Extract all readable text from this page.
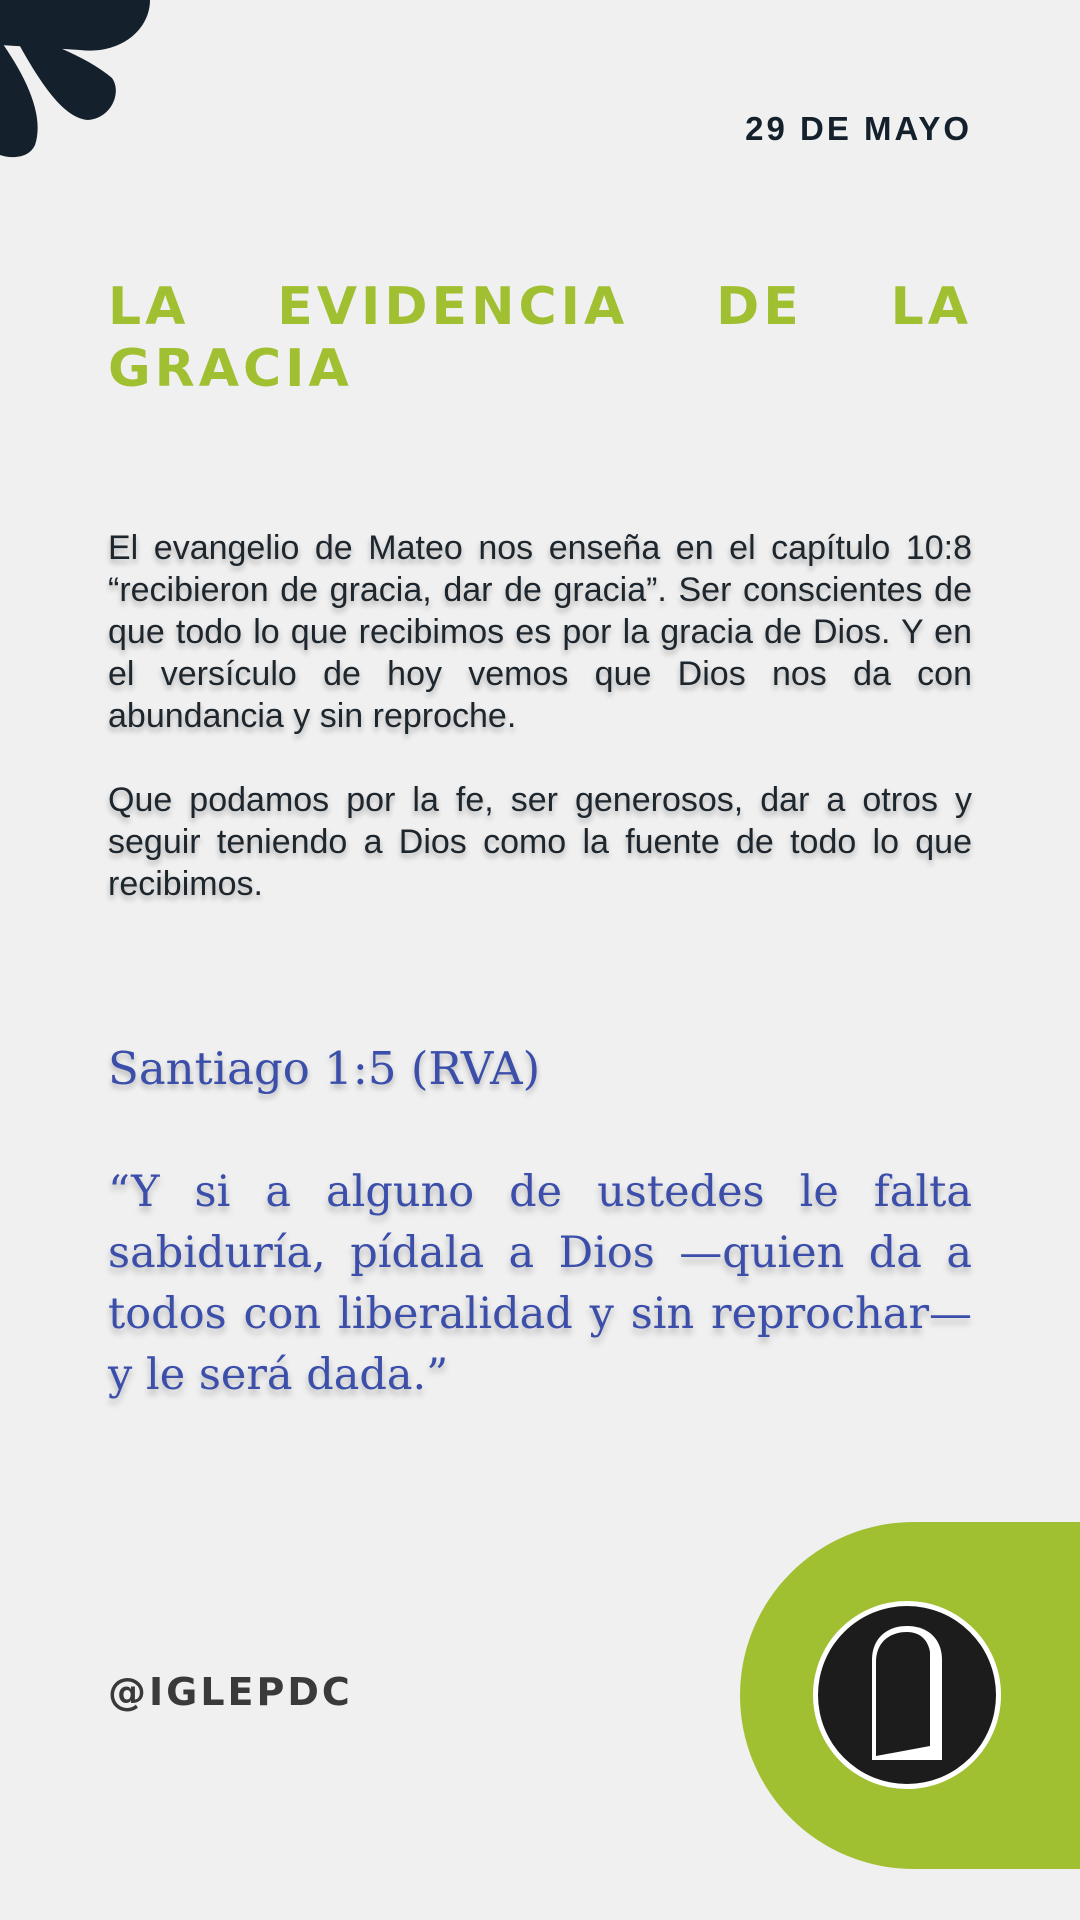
29 DE MAYO
LA EVIDENCIA DE LA GRACIA

El evangelio de Mateo nos enseña en el capítulo 10:8 “recibieron de gracia, dar de gracia”. Ser conscientes de que todo lo que recibimos es por la gracia de Dios. Y en el versículo de hoy vemos que Dios nos da con abundancia y sin reproche.

Que podamos por la fe, ser generosos, dar a otros y seguir teniendo a Dios como la fuente de todo lo que recibimos.

Santiago 1:5 (RVA)

“Y si a alguno de ustedes le falta sabiduría, pídala a Dios —quien da a todos con liberalidad y sin reprochar— y le será dada.”

@IGLEPDC
